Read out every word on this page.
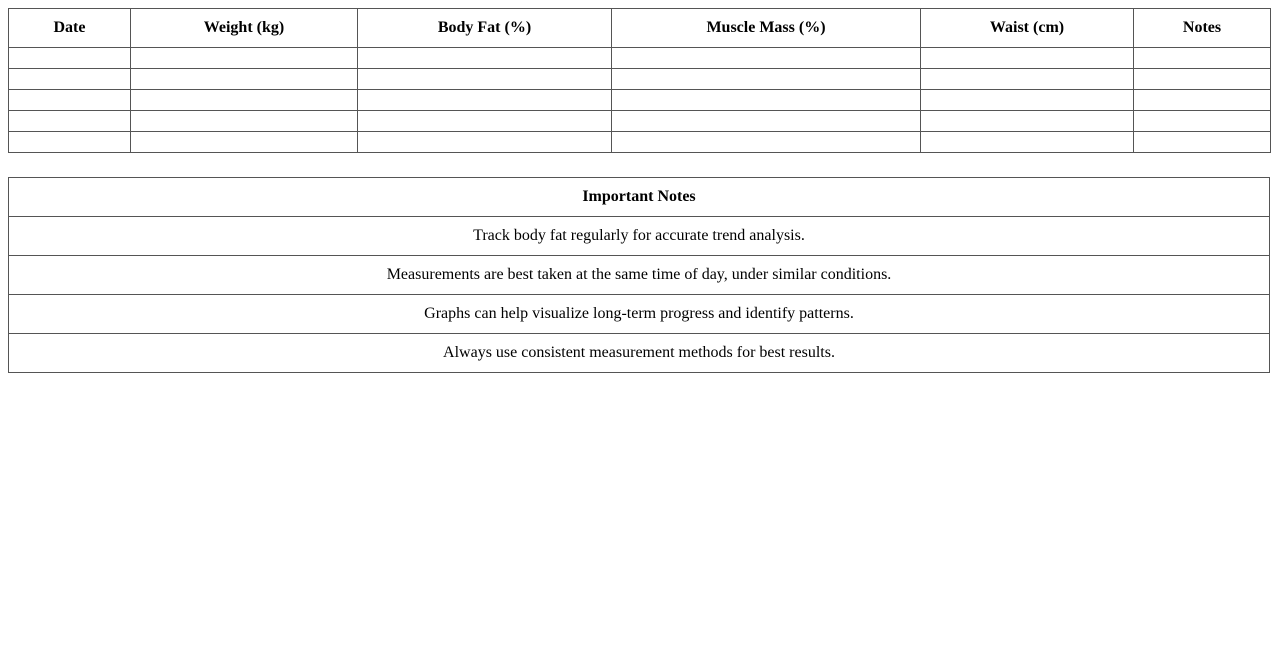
Date	Weight (kg)	Body Fat (%)	Muscle Mass (%)	Waist (cm)	Notes

Important Notes
Track body fat regularly for accurate trend analysis.
Measurements are best taken at the same time of day, under similar conditions.
Graphs can help visualize long-term progress and identify patterns.
Always use consistent measurement methods for best results.
